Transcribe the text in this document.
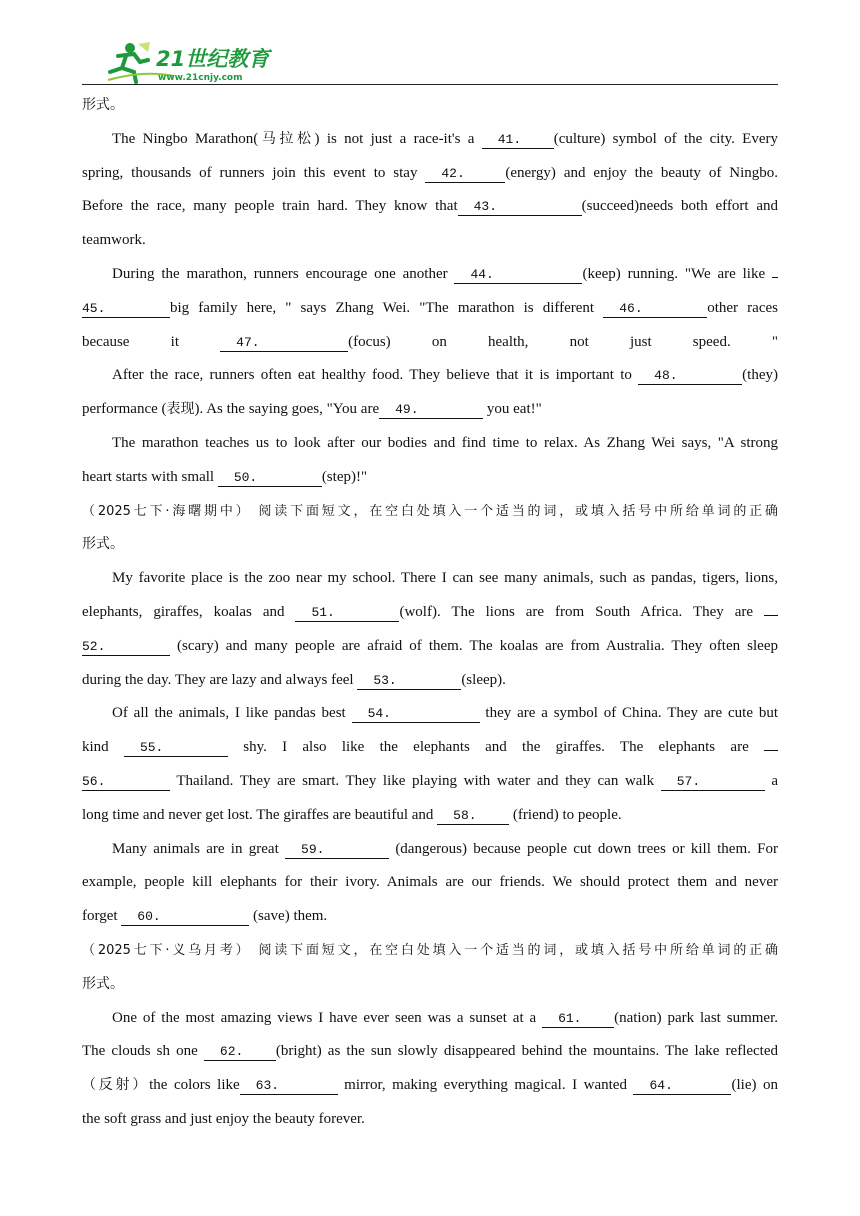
21世纪教育
www.21cnjy.com
形式。
The Ningbo Marathon(马拉松) is not just a race-it's a 41. (culture) symbol of the city. Every
spring, thousands of runners join this event to stay 42.	(energy) and enjoy the beauty of Ningbo.
Before the race, many people train hard. They know that 43.	(succeed)needs both effort and
teamwork.
During the marathon, runners encourage one another 44.	(keep) running. "We are like
45.	big family here, " says Zhang Wei. "The marathon is different 46.	other races
because it 47.	(focus) on health, not just speed. "
After the race, runners often eat healthy food. They believe that it is important to 48.	(they)
performance (表现). As the saying goes, "You are 49.	you eat!"
The marathon teaches us to look after our bodies and find time to relax. As Zhang Wei says, "A strong
heart starts with small 50.	(step)!"
（2025七下·海曙期中） 阅读下面短文，在空白处填入一个适当的词，或填入括号中所给单词的正确
形式。
My favorite place is the zoo near my school. There I can see many animals, such as pandas, tigers, lions,
elephants, giraffes, koalas and 51.	(wolf). The lions are from South Africa. They are
52.	(scary) and many people are afraid of them. The koalas are from Australia. They often sleep
during the day. They are lazy and always feel 53.	(sleep).
Of all the animals, I like pandas best 54.	they are a symbol of China. They are cute but
kind 55.	shy. I also like the elephants and the giraffes. The elephants are
56.	Thailand. They are smart. They like playing with water and they can walk 57.	a
long time and never get lost. The giraffes are beautiful and 58. (friend) to people.
Many animals are in great 59.	(dangerous) because people cut down trees or kill them. For
example, people kill elephants for their ivory. Animals are our friends. We should protect them and never
forget 60.	(save) them.
（2025七下·义乌月考） 阅读下面短文，在空白处填入一个适当的词，或填入括号中所给单词的正确
形式。
One of the most amazing views I have ever seen was a sunset at a 61. (nation) park last summer.
The clouds sh one 62. (bright) as the sun slowly disappeared behind the mountains. The lake reflected
（反射）the colors like 63.	mirror, making everything magical. I wanted 64.	(lie) on
the soft grass and just enjoy the beauty forever.
